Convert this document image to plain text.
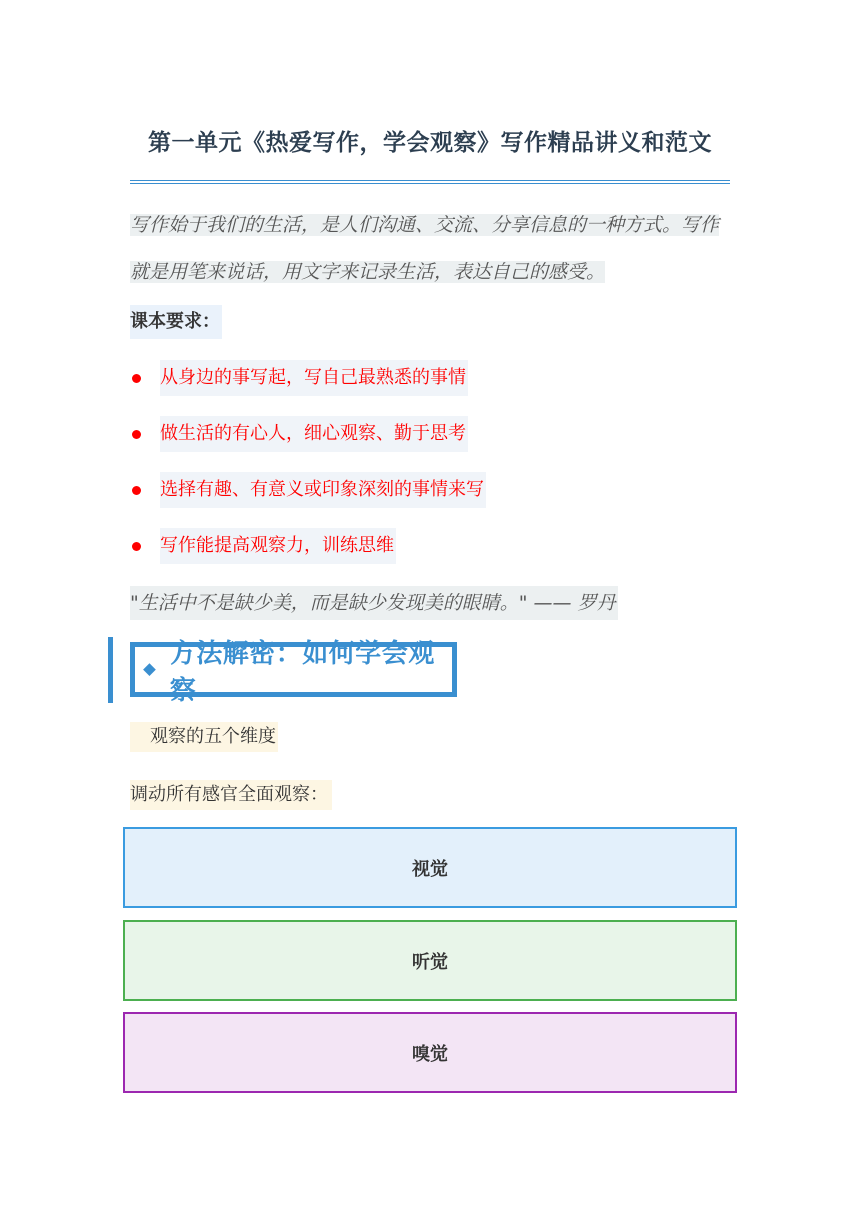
第一单元《热爱写作，学会观察》写作精品讲义和范文

写作始于我们的生活，是人们沟通、交流、分享信息的一种方式。写作
就是用笔来说话，用文字来记录生活，表达自己的感受。

课本要求：
从身边的事写起，写自己最熟悉的事情
做生活的有心人，细心观察、勤于思考
选择有趣、有意义或印象深刻的事情来写
写作能提高观察力，训练思维
"生活中不是缺少美，而是缺少发现美的眼睛。" —— 罗丹
方法解密：如何学会观察
观察的五个维度
调动所有感官全面观察：
视觉
听觉
嗅觉
